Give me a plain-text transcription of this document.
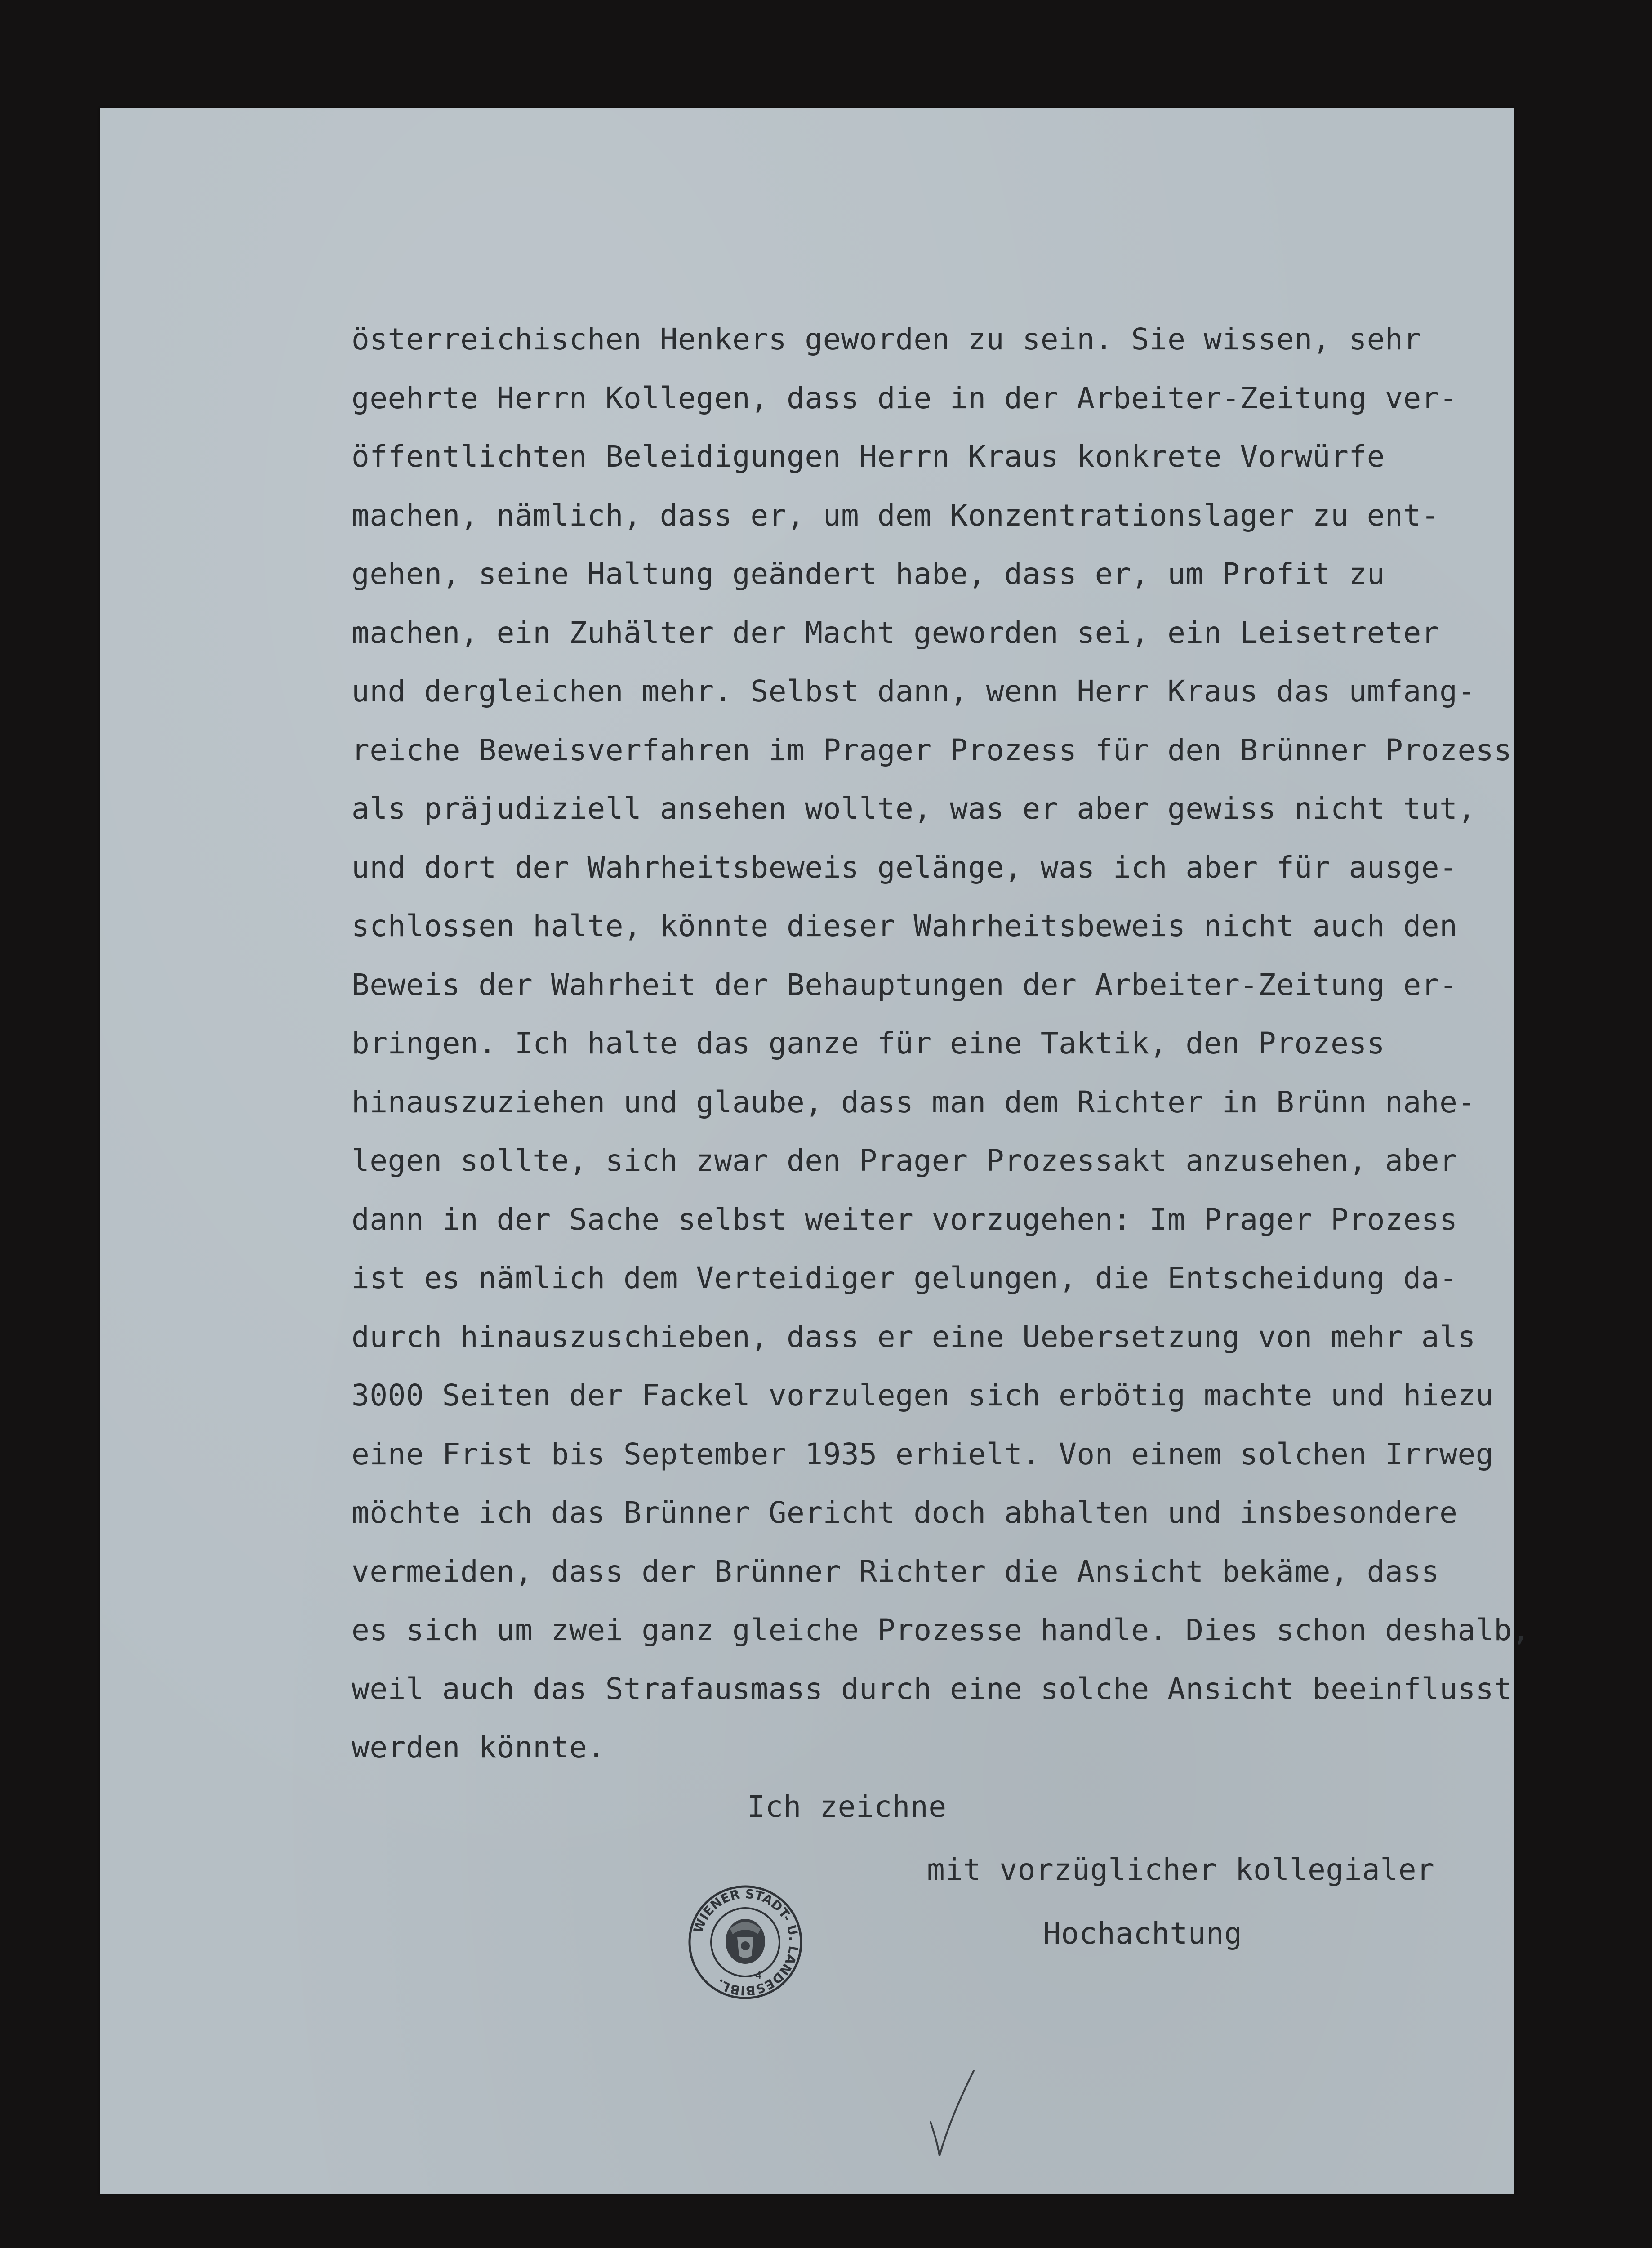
österreichischen Henkers geworden zu sein. Sie wissen, sehr
geehrte Herrn Kollegen, dass die in der Arbeiter-Zeitung ver-
öffentlichten Beleidigungen Herrn Kraus konkrete Vorwürfe
machen, nämlich, dass er, um dem Konzentrationslager zu ent-
gehen, seine Haltung geändert habe, dass er, um Profit zu
machen, ein Zuhälter der Macht geworden sei, ein Leisetreter
und dergleichen mehr. Selbst dann, wenn Herr Kraus das umfang-
reiche Beweisverfahren im Prager Prozess für den Brünner Prozess
als präjudiziell ansehen wollte, was er aber gewiss nicht tut,
und dort der Wahrheitsbeweis gelänge, was ich aber für ausge-
schlossen halte, könnte dieser Wahrheitsbeweis nicht auch den
Beweis der Wahrheit der Behauptungen der Arbeiter-Zeitung er-
bringen. Ich halte das ganze für eine Taktik, den Prozess
hinauszuziehen und glaube, dass man dem Richter in Brünn nahe-
legen sollte, sich zwar den Prager Prozessakt anzusehen, aber
dann in der Sache selbst weiter vorzugehen: Im Prager Prozess
ist es nämlich dem Verteidiger gelungen, die Entscheidung da-
durch hinauszuschieben, dass er eine Uebersetzung von mehr als
3000 Seiten der Fackel vorzulegen sich erbötig machte und hiezu
eine Frist bis September 1935 erhielt. Von einem solchen Irrweg
möchte ich das Brünner Gericht doch abhalten und insbesondere
vermeiden, dass der Brünner Richter die Ansicht bekäme, dass
es sich um zwei ganz gleiche Prozesse handle. Dies schon deshalb,
weil auch das Strafausmass durch eine solche Ansicht beeinflusst
werden könnte.

Ich zeichne

mit vorzüglicher kollegialer

Hochachtung

WIENER STADT- U. LANDESBIBL.
4
